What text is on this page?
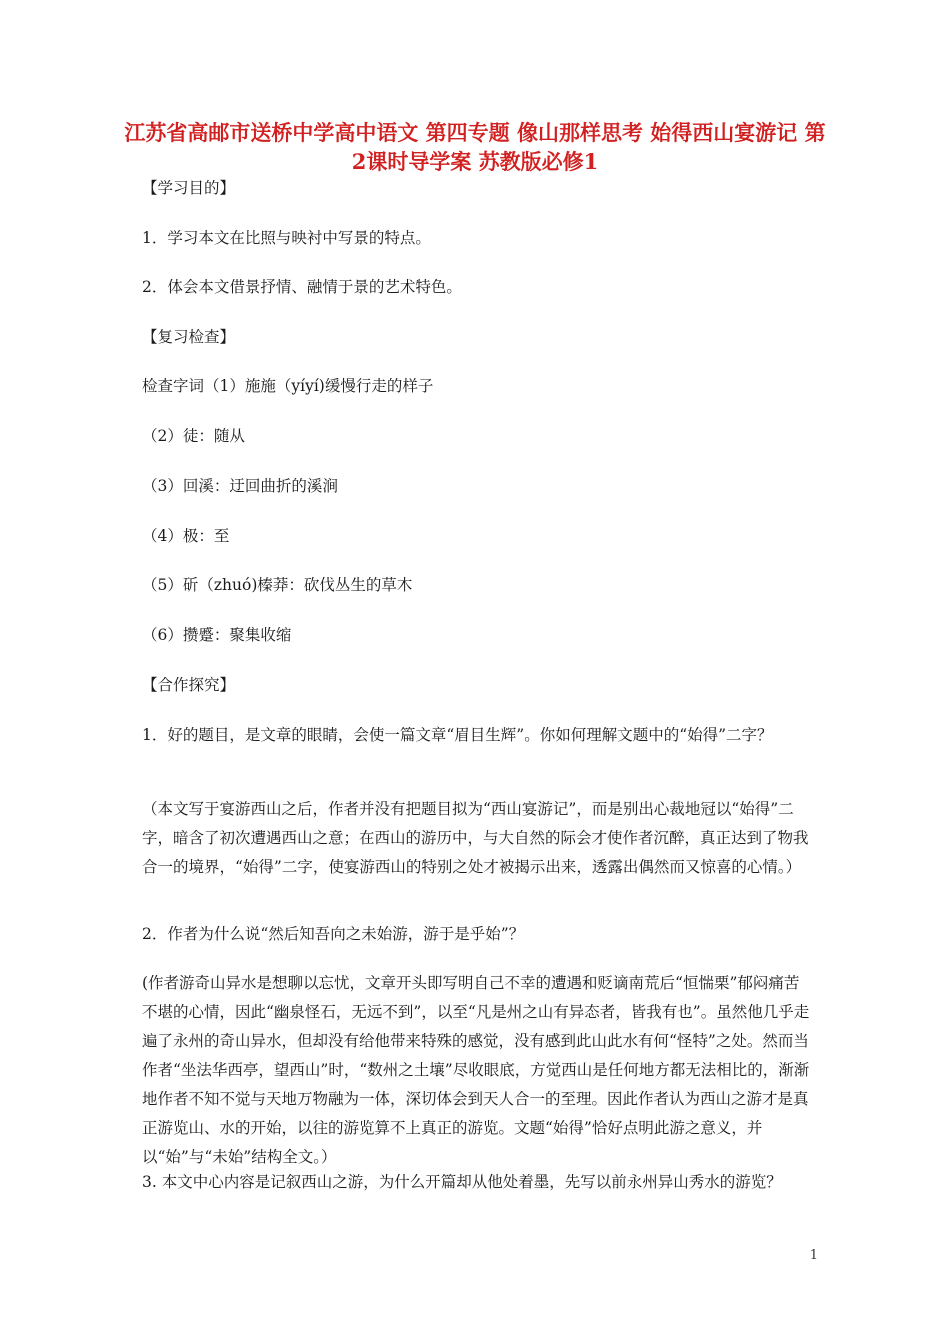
江苏省高邮市送桥中学高中语文 第四专题 像山那样思考 始得西山宴游记 第2课时导学案 苏教版必修1

【学习目的】

1．学习本文在比照与映衬中写景的特点。

2．体会本文借景抒情、融情于景的艺术特色。

【复习检查】

检查字词（1）施施（yíyí)缓慢行走的样子

（2）徒：随从

（3）回溪：迂回曲折的溪涧

（4）极：至

（5）斫（zhuó)榛莽：砍伐丛生的草木

（6）攒蹙：聚集收缩

【合作探究】

1．好的题目，是文章的眼睛，会使一篇文章“眉目生辉”。你如何理解文题中的“始得”二字？

（本文写于宴游西山之后，作者并没有把题目拟为“西山宴游记”，而是别出心裁地冠以“始得”二字，暗含了初次遭遇西山之意；在西山的游历中，与大自然的际会才使作者沉醉，真正达到了物我合一的境界，“始得”二字，使宴游西山的特别之处才被揭示出来，透露出偶然而又惊喜的心情。）

2．作者为什么说“然后知吾向之未始游，游于是乎始”？

(作者游奇山异水是想聊以忘忧，文章开头即写明自己不幸的遭遇和贬谪南荒后“恒惴栗”郁闷痛苦不堪的心情，因此“幽泉怪石，无远不到”，以至“凡是州之山有异态者，皆我有也”。虽然他几乎走遍了永州的奇山异水，但却没有给他带来特殊的感觉，没有感到此山此水有何“怪特”之处。然而当作者“坐法华西亭，望西山”时，“数州之土壤”尽收眼底，方觉西山是任何地方都无法相比的，渐渐地作者不知不觉与天地万物融为一体，深切体会到天人合一的至理。因此作者认为西山之游才是真正游览山、水的开始，以往的游览算不上真正的游览。文题“始得”恰好点明此游之意义，并以“始”与“未始”结构全文。）

3. 本文中心内容是记叙西山之游，为什么开篇却从他处着墨，先写以前永州异山秀水的游览？

1
